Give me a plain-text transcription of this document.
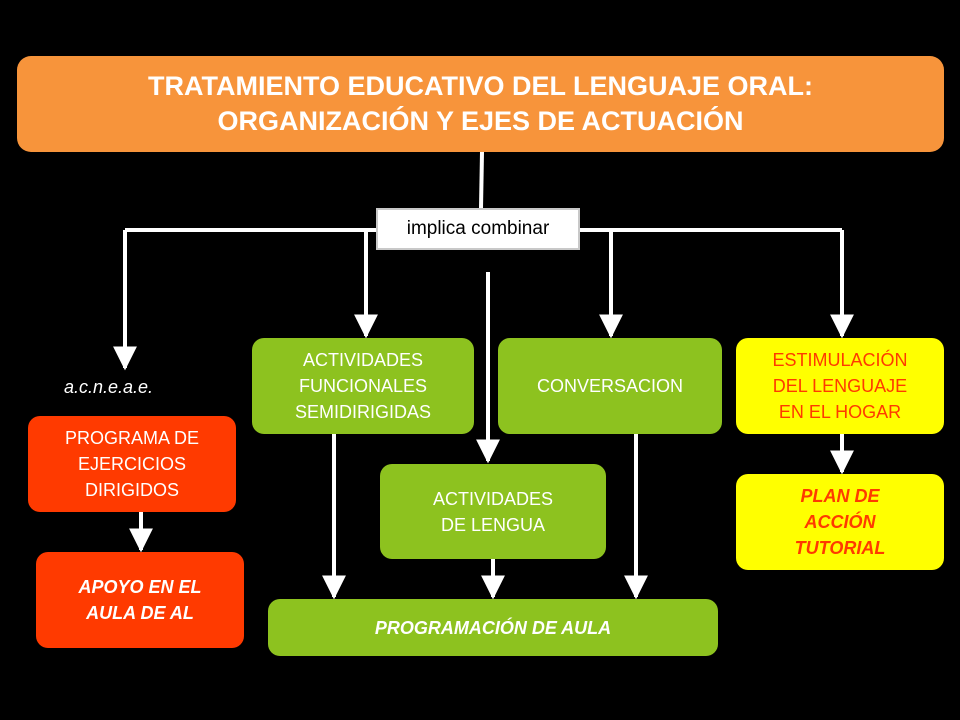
TRATAMIENTO EDUCATIVO DEL LENGUAJE ORAL:
ORGANIZACIÓN Y EJES DE ACTUACIÓN
implica combinar
a.c.n.e.a.e.
ACTIVIDADES
FUNCIONALES
SEMIDIRIGIDAS
CONVERSACION
ESTIMULACIÓN
DEL LENGUAJE
EN EL HOGAR
PROGRAMA DE
EJERCICIOS
DIRIGIDOS	ACTIVIDADES
DE LENGUA
PLAN DE
ACCIÓN
TUTORIAL
APOYO EN EL
AULA DE AL
PROGRAMACIÓN DE AULA
